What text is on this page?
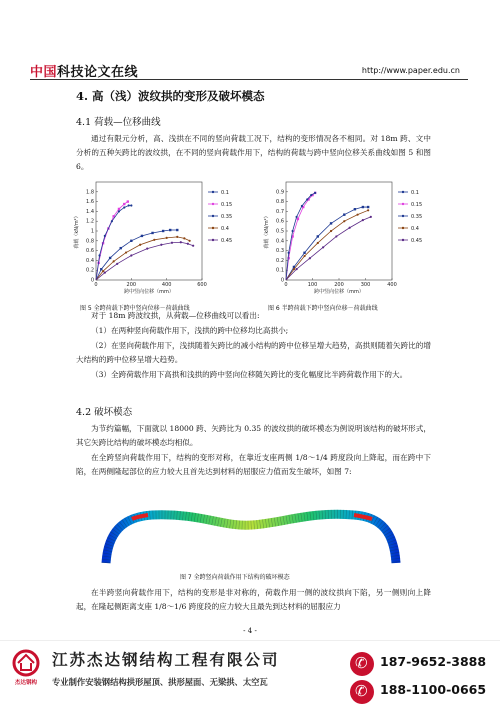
中国科技论文在线	http://www.paper.edu.cn
4. 高（浅）波纹拱的变形及破坏模态
4.1 荷载—位移曲线

通过有限元分析，高、浅拱在不同的竖向荷载工况下，结构的变形情况各不相同。对 18m 跨、文中分析的五种矢跨比的波纹拱，在不同的竖向荷载作用下，结构的荷载与跨中竖向位移关系曲线如图 5 和图 6。

0	200	400	600
0
0.2
0.4
0.6
0.8
1
1.2
1.4
1.6
1.8
跨中竖向位移（mm）
荷载（kN/m²）
0.1
0.15
0.35
0.4
0.45
图 5 全跨荷载下跨中竖向位移－荷载曲线
0	100	200	300	400
0
0.1
0.2
0.3
0.4
0.5
0.6
0.7
0.8
0.9
跨中竖向位移（mm）
荷载（kN/m²）
0.1
0.15
0.35
0.4
0.45
图 6 半跨荷载下跨中竖向位移－荷载曲线

对于 18m 跨波纹拱，从荷载—位移曲线可以看出:

（1）在两种竖向荷载作用下，浅拱的跨中位移均比高拱小;

（2）在竖向荷载作用下，浅拱随着矢跨比的减小结构的跨中位移呈增大趋势，高拱则随着矢跨比的增大结构的跨中位移呈增大趋势。

（3）全跨荷载作用下高拱和浅拱的跨中竖向位移随矢跨比的变化幅度比半跨荷载作用下的大。

4.2 破坏模态

为节约篇幅，下面就以 18000 跨、矢跨比为 0.35 的波纹拱的破坏模态为例说明该结构的破坏形式，其它矢跨比结构的破坏模态均相似。

在全跨竖向荷载作用下，结构的变形对称，在靠近支座两侧 1/8～1/4 跨度段向上降起，而在跨中下陷，在两侧隆起部位的应力较大且首先达到材料的屈服应力值而发生破坏，如图 7:

图 7 全跨竖向荷载作用下结构的破坏模态

在半跨竖向荷载作用下，结构的变形是非对称的，荷载作用一侧的波纹拱向下陷，另一侧则向上降起，在隆起侧距离支座 1/8～1/6 跨度段的应力较大且最先到达材料的屈服应力

- 4 -
杰达钢构
江苏杰达钢结构工程有限公司
专业制作安装钢结构拱形屋顶、拱形屋面、无梁拱、太空瓦
✆
✆
187-9652-3888
188-1100-0665
